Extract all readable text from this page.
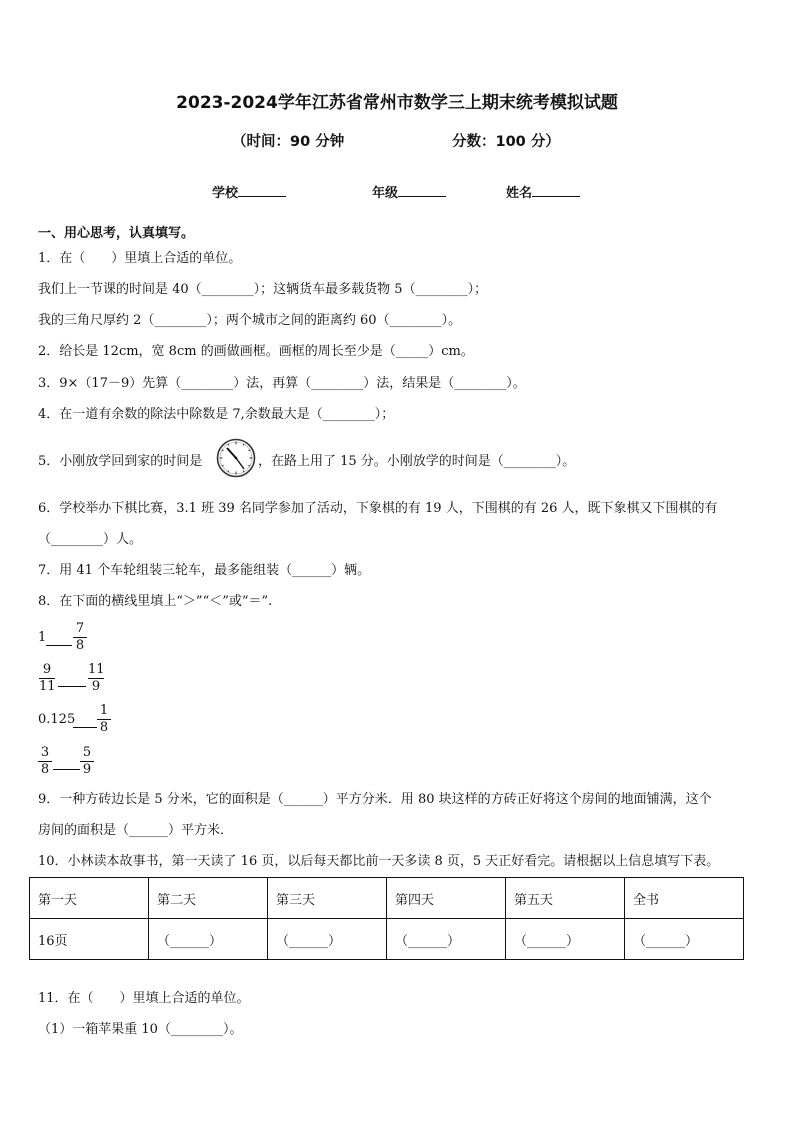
2023-2024学年江苏省常州市数学三上期末统考模拟试题
（时间：90 分钟	分数：100 分）
学校	年级	姓名
一、用心思考，认真填写。
1．在（　　）里填上合适的单位。
我们上一节课的时间是 40（________）；这辆货车最多载货物 5（________）；
我的三角尺厚约 2（________）；两个城市之间的距离约 60（________）。
2．给长是 12cm，宽 8cm 的画做画框。画框的周长至少是（_____）cm。
3．9×（17－9）先算（________）法，再算（________）法，结果是（________）。
4．在一道有余数的除法中除数是 7,余数最大是（________）；
5．小刚放学回到家的时间是	，在路上用了 15 分。小刚放学的时间是（________）。
6．学校举办下棋比赛，3.1 班 39 名同学参加了活动，下象棋的有 19 人，下围棋的有 26 人，既下象棋又下围棋的有
（________）人。
7．用 41 个车轮组装三轮车，最多能组装（______）辆。
8．在下面的横线里填上“＞”“＜”或“＝”.
1
7
8
9
11
11
9
0.125
1
8
3
8
5
9
9．一种方砖边长是 5 分米，它的面积是（______）平方分米．用 80 块这样的方砖正好将这个房间的地面铺满，这个
房间的面积是（______）平方米．
10．小林读本故事书，第一天读了 16 页，以后每天都比前一天多读 8 页，5 天正好看完。请根据以上信息填写下表。
第一天	第二天	第三天	第四天	第五天	全书
16页	（______）	（______）	（______）	（______）	（______）
11．在（　　）里填上合适的单位。
（1）一箱苹果重 10（________）。
